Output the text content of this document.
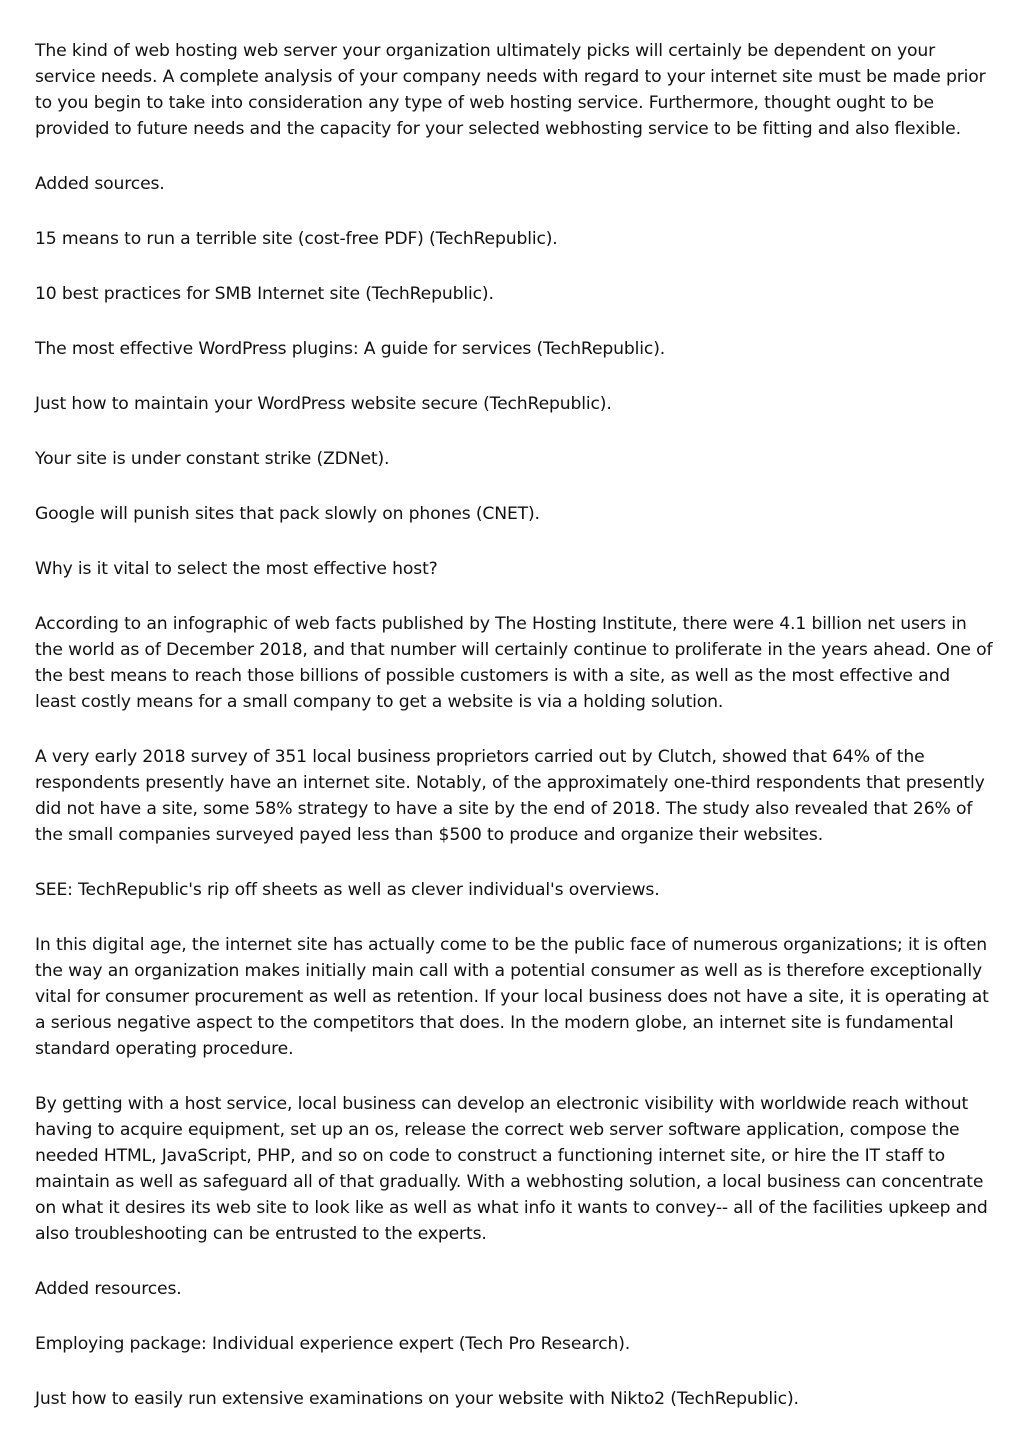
The kind of web hosting web server your organization ultimately picks will certainly be dependent on your service needs. A complete analysis of your company needs with regard to your internet site must be made prior to you begin to take into consideration any type of web hosting service. Furthermore, thought ought to be provided to future needs and the capacity for your selected webhosting service to be fitting and also flexible.

Added sources.

15 means to run a terrible site (cost-free PDF) (TechRepublic).

10 best practices for SMB Internet site (TechRepublic).

The most effective WordPress plugins: A guide for services (TechRepublic).

Just how to maintain your WordPress website secure (TechRepublic).

Your site is under constant strike (ZDNet).

Google will punish sites that pack slowly on phones (CNET).

Why is it vital to select the most effective host?

According to an infographic of web facts published by The Hosting Institute, there were 4.1 billion net users in the world as of December 2018, and that number will certainly continue to proliferate in the years ahead. One of the best means to reach those billions of possible customers is with a site, as well as the most effective and least costly means for a small company to get a website is via a holding solution.

A very early 2018 survey of 351 local business proprietors carried out by Clutch, showed that 64% of the respondents presently have an internet site. Notably, of the approximately one-third respondents that presently did not have a site, some 58% strategy to have a site by the end of 2018. The study also revealed that 26% of the small companies surveyed payed less than $500 to produce and organize their websites.

SEE: TechRepublic's rip off sheets as well as clever individual's overviews.

In this digital age, the internet site has actually come to be the public face of numerous organizations; it is often the way an organization makes initially main call with a potential consumer as well as is therefore exceptionally vital for consumer procurement as well as retention. If your local business does not have a site, it is operating at a serious negative aspect to the competitors that does. In the modern globe, an internet site is fundamental standard operating procedure.

By getting with a host service, local business can develop an electronic visibility with worldwide reach without having to acquire equipment, set up an os, release the correct web server software application, compose the needed HTML, JavaScript, PHP, and so on code to construct a functioning internet site, or hire the IT staff to maintain as well as safeguard all of that gradually. With a webhosting solution, a local business can concentrate on what it desires its web site to look like as well as what info it wants to convey-- all of the facilities upkeep and also troubleshooting can be entrusted to the experts.

Added resources.

Employing package: Individual experience expert (Tech Pro Research).

Just how to easily run extensive examinations on your website with Nikto2 (TechRepublic).
